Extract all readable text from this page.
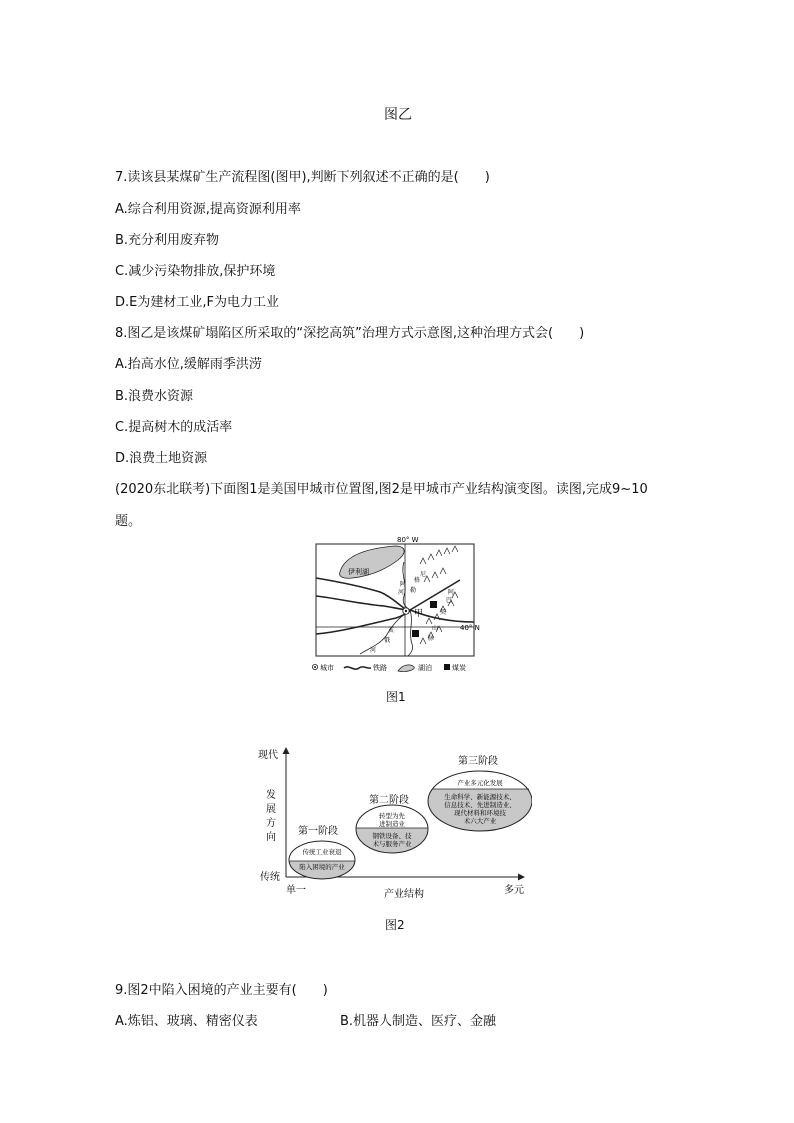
图乙
7.读该县某煤矿生产流程图(图甲),判断下列叙述不正确的是(　　)
A.综合利用资源,提高资源利用率
B.充分利用废弃物
C.减少污染物排放,保护环境
D.E为建材工业,F为电力工业
8.图乙是该煤矿塌陷区所采取的“深挖高筑”治理方式示意图,这种治理方式会(　　)
A.抬高水位,缓解雨季洪涝
B.浪费水资源
C.提高树木的成活率
D.浪费土地资源
(2020东北联考)下面图1是美国甲城市位置图,图2是甲城市产业结构演变图。读图,完成9~10
题。
80° W
40° N
伊利湖
甲
阿
河
格
尼
勒
俄
亥
河
阿
巴
契
山
脉
城市	铁路	湖泊	煤炭
图1
现代
发
展
方
向
传统
单一	产业结构	多元
第一阶段
传统工业衰退
陷入困境的产业
第二阶段
转型为先
进制造业
钢铁设备、技
术与服务产业
第三阶段
产业多元化发展
生命科学、新能源技术、
信息技术、先进制造业、
现代材料和环境技
术六大产业
图2
9.图2中陷入困境的产业主要有(　　)
A.炼铝、玻璃、精密仪表	B.机器人制造、医疗、金融
